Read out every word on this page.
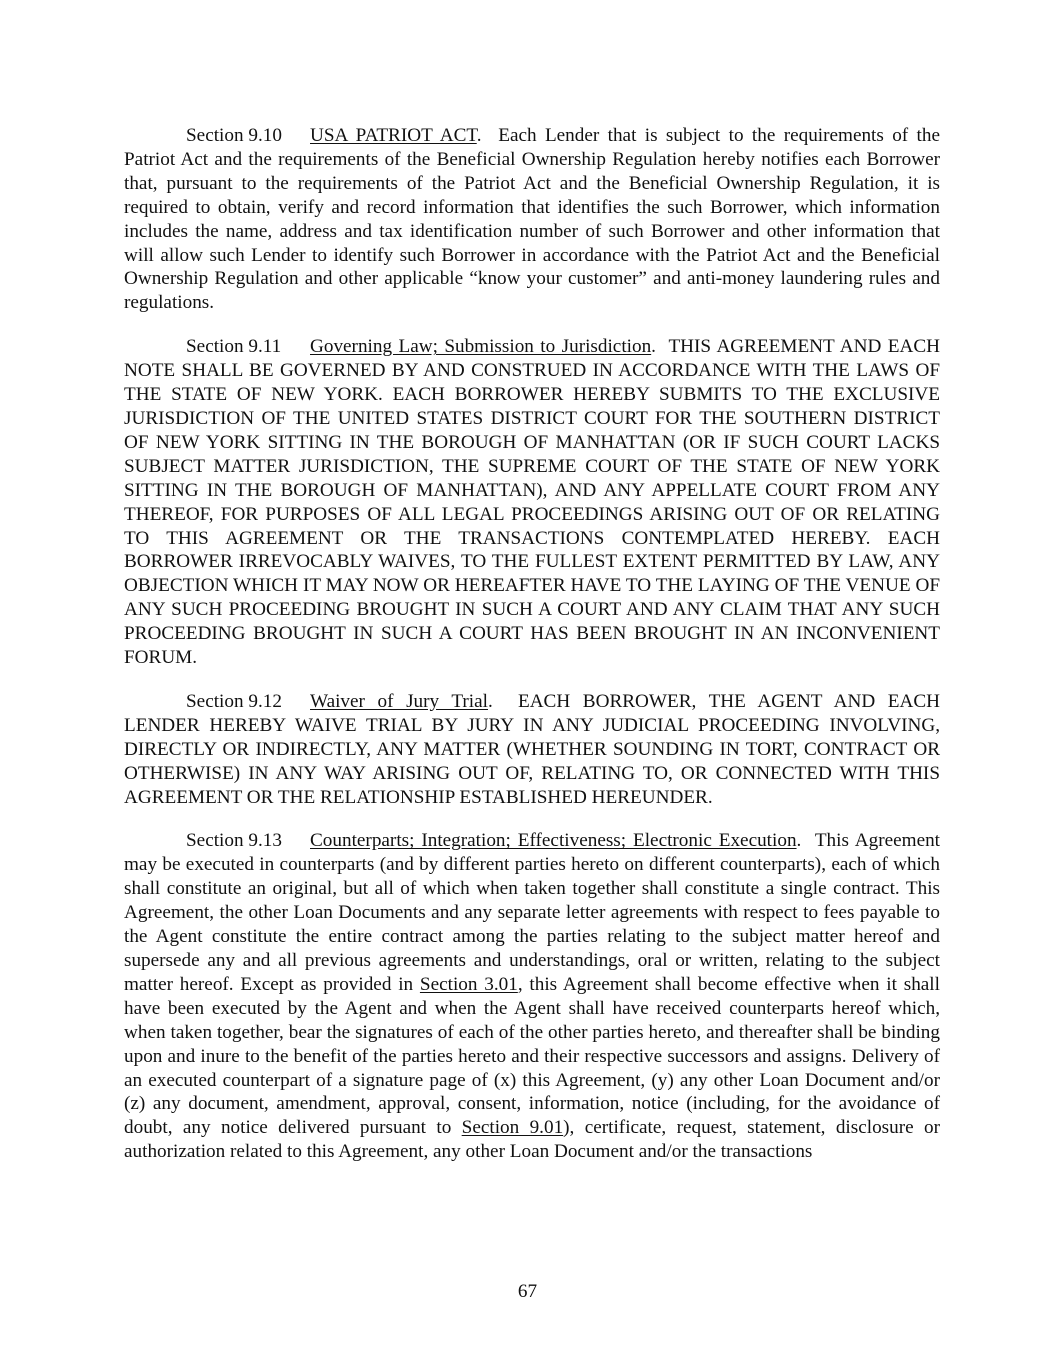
Section 9.10 USA PATRIOT ACT.  Each Lender that is subject to the requirements of the Patriot Act and the requirements of the Beneficial Ownership Regulation hereby notifies each Borrower that, pursuant to the requirements of the Patriot Act and the Beneficial Ownership Regulation, it is required to obtain, verify and record information that identifies the such Borrower, which information includes the name, address and tax identification number of such Borrower and other information that will allow such Lender to identify such Borrower in accordance with the Patriot Act and the Beneficial Ownership Regulation and other applicable “know your customer” and anti-money laundering rules and regulations.

Section 9.11 Governing Law; Submission to Jurisdiction.  THIS AGREEMENT AND EACH NOTE SHALL BE GOVERNED BY AND CONSTRUED IN ACCORDANCE WITH THE LAWS OF THE STATE OF NEW YORK. EACH BORROWER HEREBY SUBMITS TO THE EXCLUSIVE JURISDICTION OF THE UNITED STATES DISTRICT COURT FOR THE SOUTHERN DISTRICT OF NEW YORK SITTING IN THE BOROUGH OF MANHATTAN (OR IF SUCH COURT LACKS SUBJECT MATTER JURISDICTION, THE SUPREME COURT OF THE STATE OF NEW YORK SITTING IN THE BOROUGH OF MANHATTAN), AND ANY APPELLATE COURT FROM ANY THEREOF, FOR PURPOSES OF ALL LEGAL PROCEEDINGS ARISING OUT OF OR RELATING TO THIS AGREEMENT OR THE TRANSACTIONS CONTEMPLATED HEREBY. EACH BORROWER IRREVOCABLY WAIVES, TO THE FULLEST EXTENT PERMITTED BY LAW, ANY OBJECTION WHICH IT MAY NOW OR HEREAFTER HAVE TO THE LAYING OF THE VENUE OF ANY SUCH PROCEEDING BROUGHT IN SUCH A COURT AND ANY CLAIM THAT ANY SUCH PROCEEDING BROUGHT IN SUCH A COURT HAS BEEN BROUGHT IN AN INCONVENIENT FORUM.

Section 9.12 Waiver of Jury Trial.  EACH BORROWER, THE AGENT AND EACH LENDER HEREBY WAIVE TRIAL BY JURY IN ANY JUDICIAL PROCEEDING INVOLVING, DIRECTLY OR INDIRECTLY, ANY MATTER (WHETHER SOUNDING IN TORT, CONTRACT OR OTHERWISE) IN ANY WAY ARISING OUT OF, RELATING TO, OR CONNECTED WITH THIS AGREEMENT OR THE RELATIONSHIP ESTABLISHED HEREUNDER.

Section 9.13 Counterparts; Integration; Effectiveness; Electronic Execution.  This Agreement may be executed in counterparts (and by different parties hereto on different counterparts), each of which shall constitute an original, but all of which when taken together shall constitute a single contract. This Agreement, the other Loan Documents and any separate letter agreements with respect to fees payable to the Agent constitute the entire contract among the parties relating to the subject matter hereof and supersede any and all previous agreements and understandings, oral or written, relating to the subject matter hereof. Except as provided in Section 3.01, this Agreement shall become effective when it shall have been executed by the Agent and when the Agent shall have received counterparts hereof which, when taken together, bear the signatures of each of the other parties hereto, and thereafter shall be binding upon and inure to the benefit of the parties hereto and their respective successors and assigns. Delivery of an executed counterpart of a signature page of (x) this Agreement, (y) any other Loan Document and/or (z) any document, amendment, approval, consent, information, notice (including, for the avoidance of doubt, any notice delivered pursuant to Section 9.01), certificate, request, statement, disclosure or authorization related to this Agreement, any other Loan Document and/or the transactions

67
